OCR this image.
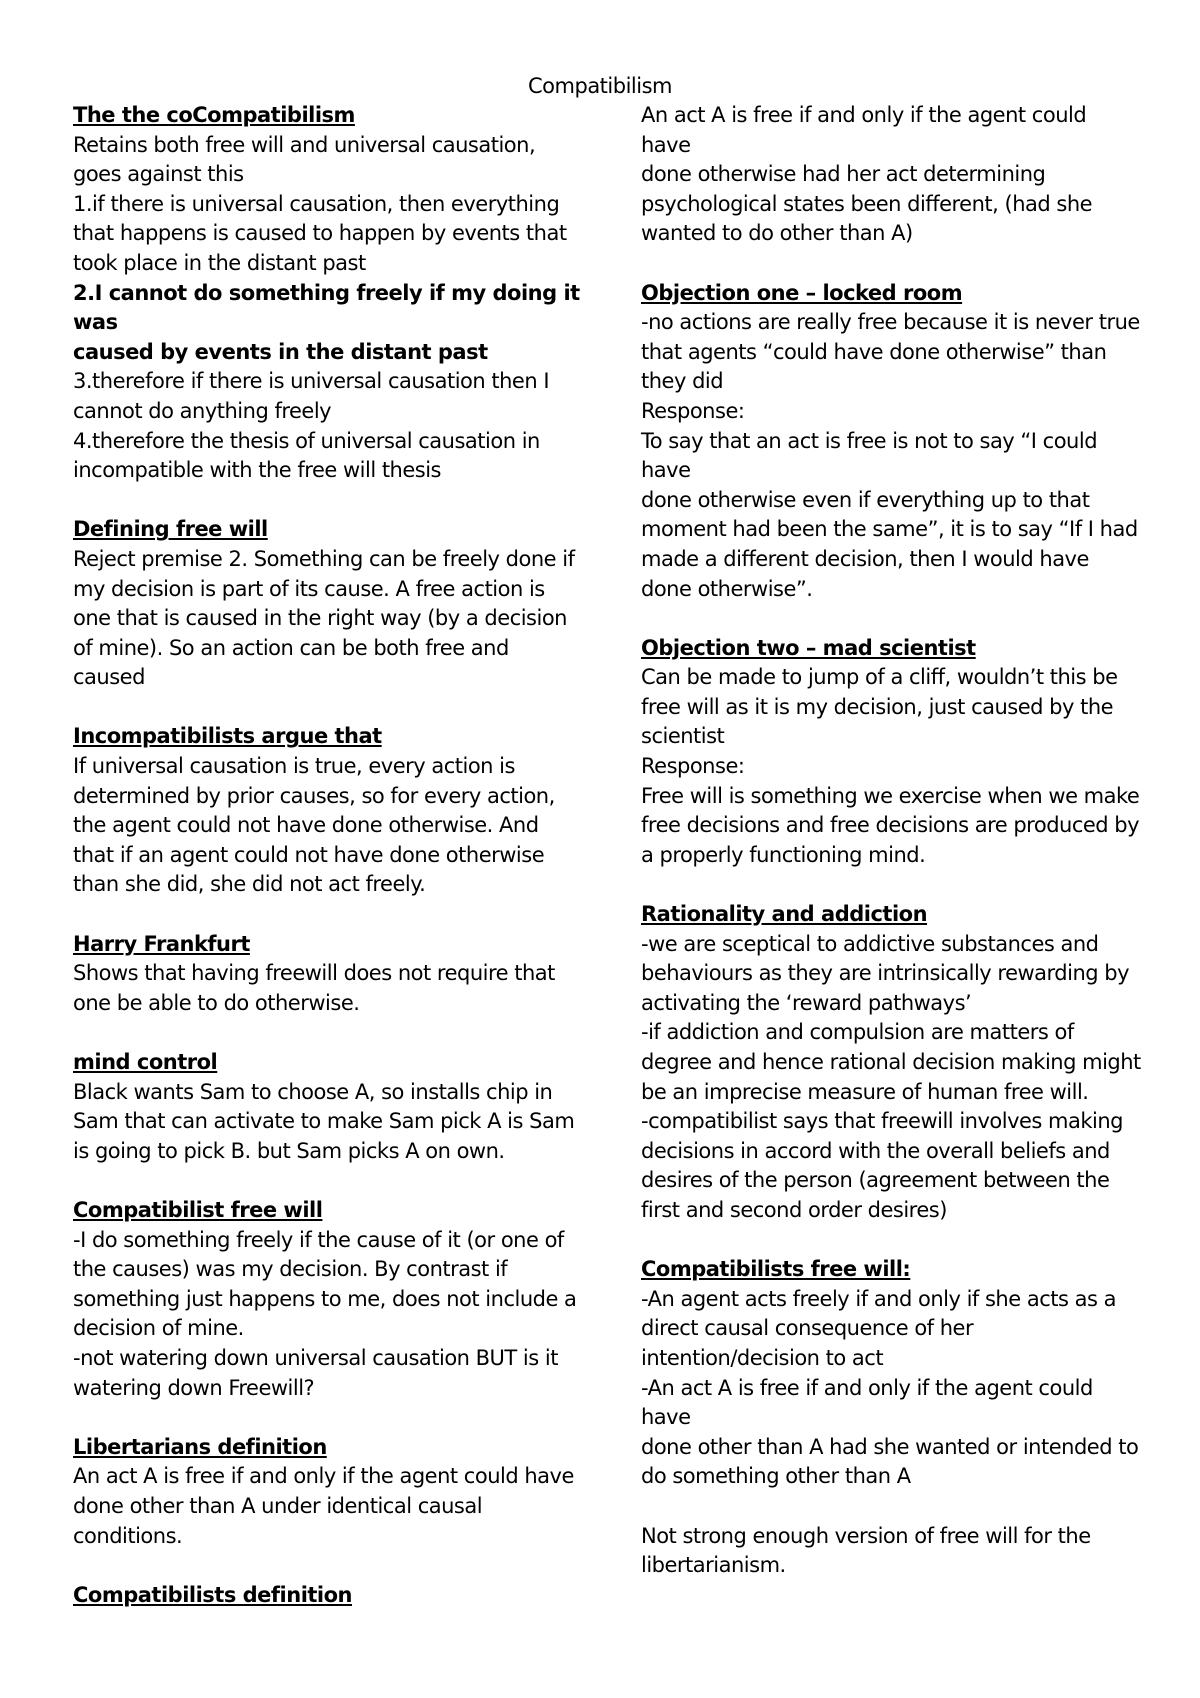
Compatibilism
The the coCompatibilism
Retains both free will and universal causation,
goes against this
1.if there is universal causation, then everything
that happens is caused to happen by events that
took place in the distant past
2.I cannot do something freely if my doing it was
caused by events in the distant past
3.therefore if there is universal causation then I
cannot do anything freely
4.therefore the thesis of universal causation in
incompatible with the free will thesis
Defining free will
Reject premise 2. Something can be freely done if
my decision is part of its cause. A free action is
one that is caused in the right way (by a decision
of mine). So an action can be both free and
caused
Incompatibilists argue that
If universal causation is true, every action is
determined by prior causes, so for every action,
the agent could not have done otherwise. And
that if an agent could not have done otherwise
than she did, she did not act freely.
Harry Frankfurt
Shows that having freewill does not require that
one be able to do otherwise.
mind control
Black wants Sam to choose A, so installs chip in
Sam that can activate to make Sam pick A is Sam
is going to pick B. but Sam picks A on own.
Compatibilist free will
-I do something freely if the cause of it (or one of
the causes) was my decision. By contrast if
something just happens to me, does not include a
decision of mine.
-not watering down universal causation BUT is it
watering down Freewill?
Libertarians definition
An act A is free if and only if the agent could have
done other than A under identical causal
conditions.
Compatibilists definition
An act A is free if and only if the agent could have
done otherwise had her act determining
psychological states been different, (had she
wanted to do other than A)
Objection one – locked room
-no actions are really free because it is never true
that agents “could have done otherwise” than
they did
Response:
To say that an act is free is not to say “I could have
done otherwise even if everything up to that
moment had been the same”, it is to say “If I had
made a different decision, then I would have
done otherwise”.
Objection two – mad scientist
Can be made to jump of a cliff, wouldn’t this be
free will as it is my decision, just caused by the
scientist
Response:
Free will is something we exercise when we make
free decisions and free decisions are produced by
a properly functioning mind.
Rationality and addiction
-we are sceptical to addictive substances and
behaviours as they are intrinsically rewarding by
activating the ‘reward pathways’
-if addiction and compulsion are matters of
degree and hence rational decision making might
be an imprecise measure of human free will.
-compatibilist says that freewill involves making
decisions in accord with the overall beliefs and
desires of the person (agreement between the
first and second order desires)
Compatibilists free will:
-An agent acts freely if and only if she acts as a
direct causal consequence of her
intention/decision to act
-An act A is free if and only if the agent could have
done other than A had she wanted or intended to
do something other than A
Not strong enough version of free will for the
libertarianism.
